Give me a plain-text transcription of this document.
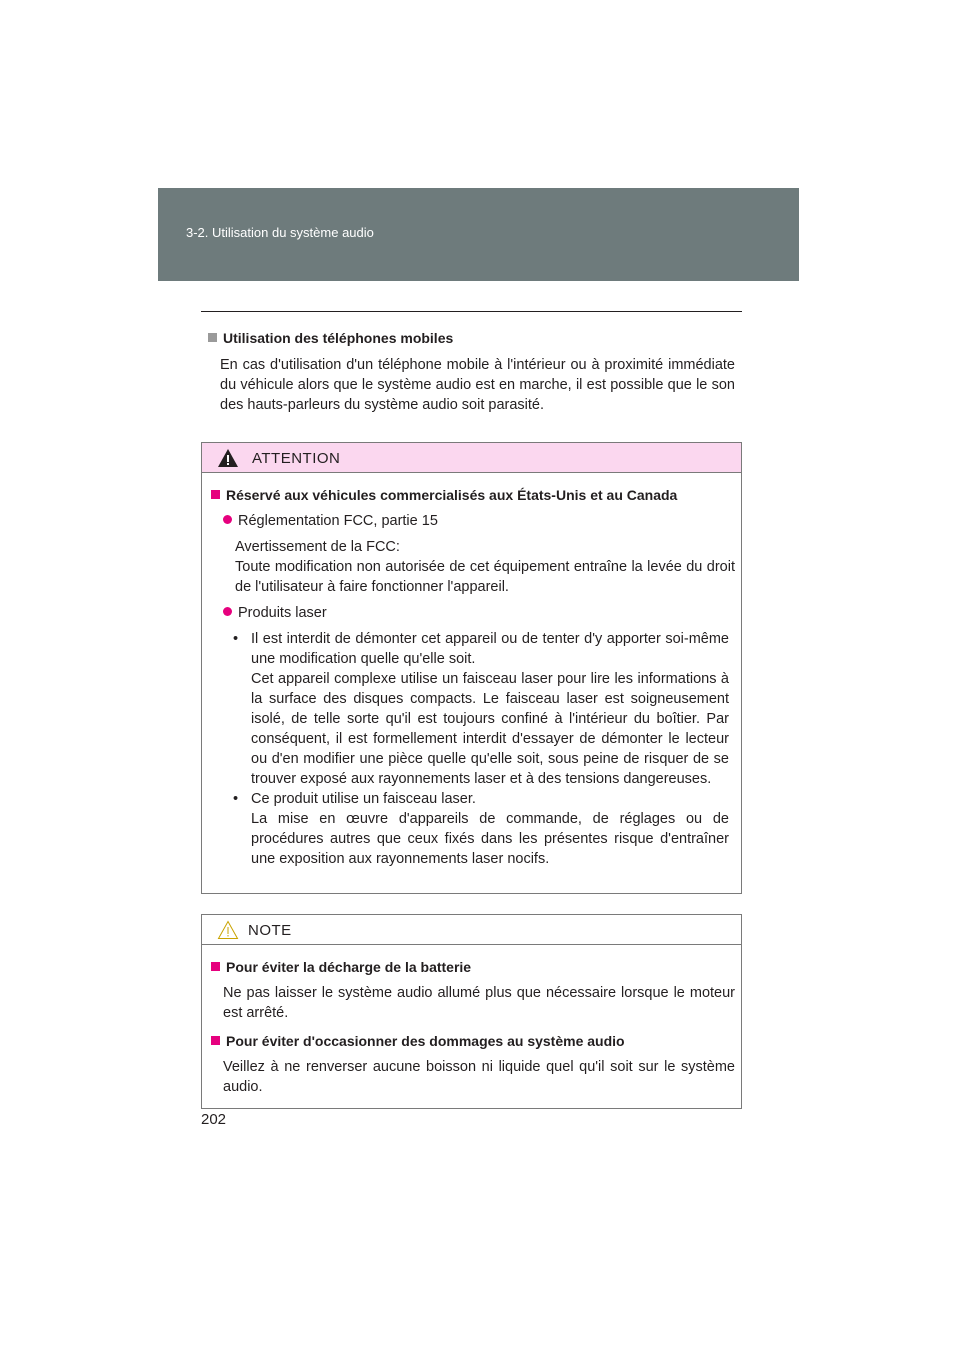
3-2. Utilisation du système audio
Utilisation des téléphones mobiles
En cas d'utilisation d'un téléphone mobile à l'intérieur ou à proximité immédiate du véhicule alors que le système audio est en marche, il est possible que le son des hauts-parleurs du système audio soit parasité.
ATTENTION
Réservé aux véhicules commercialisés aux États-Unis et au Canada
Réglementation FCC, partie 15
Avertissement de la FCC:
Toute modification non autorisée de cet équipement entraîne la levée du droit de l'utilisateur à faire fonctionner l'appareil.
Produits laser
• Il est interdit de démonter cet appareil ou de tenter d'y apporter soi-même une modification quelle qu'elle soit.
Cet appareil complexe utilise un faisceau laser pour lire les informations à la surface des disques compacts. Le faisceau laser est soigneusement isolé, de telle sorte qu'il est toujours confiné à l'intérieur du boîtier. Par conséquent, il est formellement interdit d'essayer de démonter le lecteur ou d'en modifier une pièce quelle qu'elle soit, sous peine de risquer de se trouver exposé aux rayonnements laser et à des tensions dangereuses.
• Ce produit utilise un faisceau laser.
La mise en œuvre d'appareils de commande, de réglages ou de procédures autres que ceux fixés dans les présentes risque d'entraîner une exposition aux rayonnements laser nocifs.
NOTE
Pour éviter la décharge de la batterie
Ne pas laisser le système audio allumé plus que nécessaire lorsque le moteur est arrêté.
Pour éviter d'occasionner des dommages au système audio
Veillez à ne renverser aucune boisson ni liquide quel qu'il soit sur le système audio.
202
